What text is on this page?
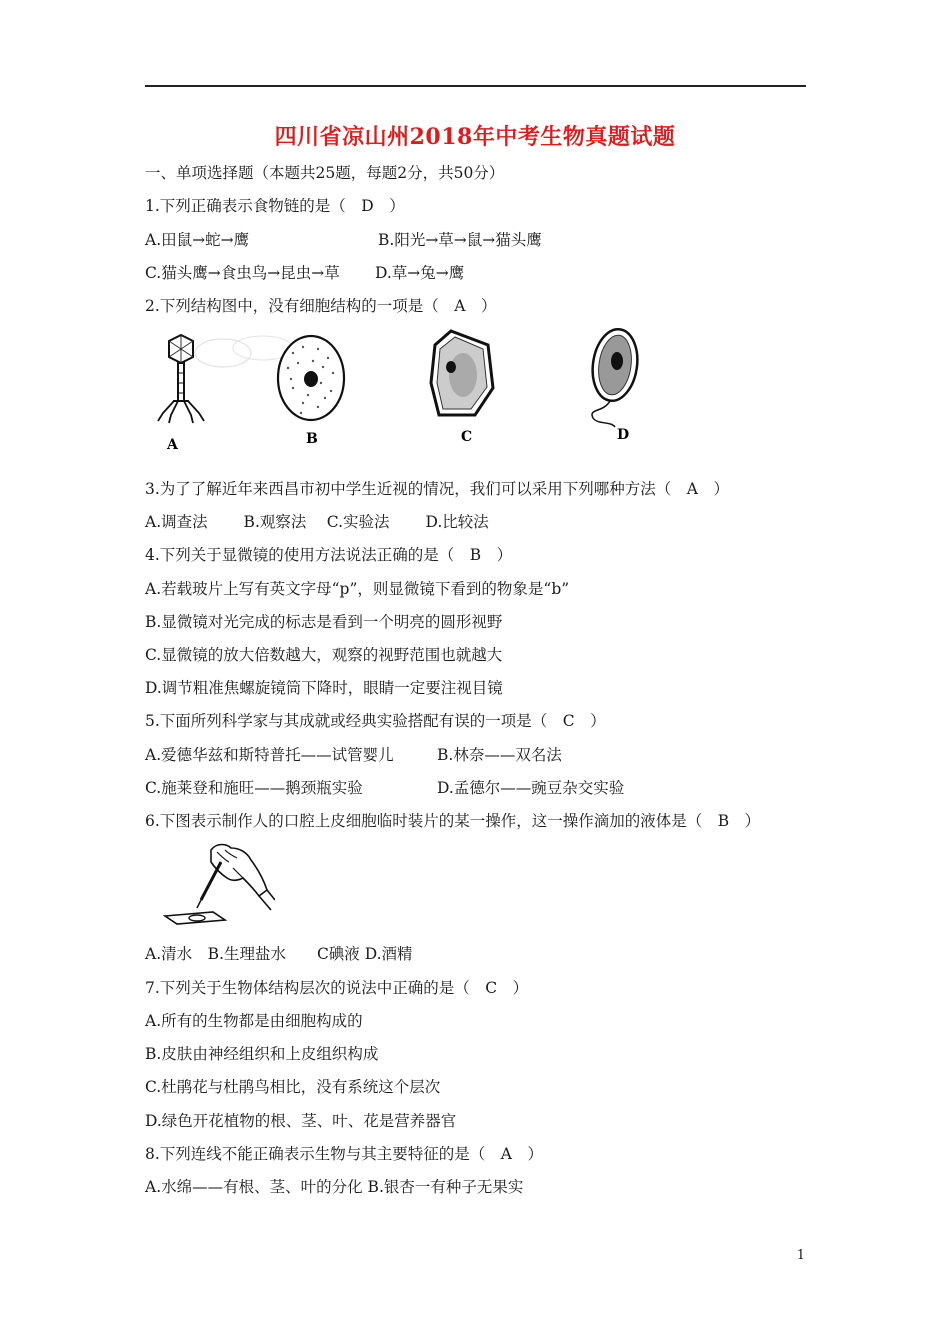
四川省凉山州2018年中考生物真题试题
一、单项选择题（本题共25题，每题2分，共50分）
1.下列正确表示食物链的是（　D　）
A.田鼠→蛇→鹰	B.阳光→草→鼠→猫头鹰
C.猫头鹰→食虫鸟→昆虫→草 D.草→兔→鹰
2.下列结构图中，没有细胞结构的一项是（　A　）
A	B	C	D
3.为了了解近年来西昌市初中学生近视的情况，我们可以采用下列哪种方法（　A　）
A.调查法　　 B.观察法　 C.实验法　　 D.比较法
4.下列关于显微镜的使用方法说法正确的是（　B　）
A.若载玻片上写有英文字母“p”，则显微镜下看到的物象是“b”
B.显微镜对光完成的标志是看到一个明亮的圆形视野
C.显微镜的放大倍数越大，观察的视野范围也就越大
D.调节粗准焦螺旋镜筒下降时，眼睛一定要注视目镜
5.下面所列科学家与其成就或经典实验搭配有误的一项是（　C　）
A.爱德华兹和斯特普托——试管婴儿	B.林奈——双名法
C.施莱登和施旺——鹅颈瓶实验	D.孟德尔——豌豆杂交实验
6.下图表示制作人的口腔上皮细胞临时装片的某一操作，这一操作滴加的液体是（　B　）
A.清水　B.生理盐水　　C碘液 D.酒精
7.下列关于生物体结构层次的说法中正确的是（　C　）
A.所有的生物都是由细胞构成的
B.皮肤由神经组织和上皮组织构成
C.杜鹃花与杜鹃鸟相比，没有系统这个层次
D.绿色开花植物的根、茎、叶、花是营养器官
8.下列连线不能正确表示生物与其主要特征的是（　A　）
A.水绵——有根、茎、叶的分化 B.银杏一有种子无果实
1
